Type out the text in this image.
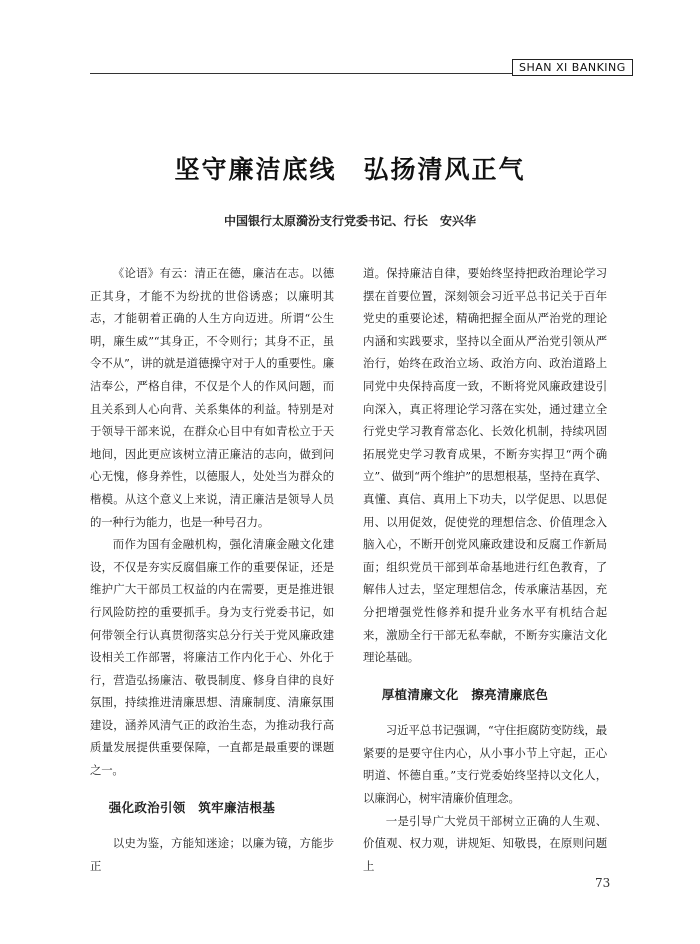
SHAN XI BANKING
坚守廉洁底线　弘扬清风正气
中国银行太原漪汾支行党委书记、行长　安兴华

《论语》有云：清正在德，廉洁在志。以德正其身，才能不为纷扰的世俗诱惑；以廉明其志，才能朝着正确的人生方向迈进。所谓“公生明，廉生威”“其身正，不令则行；其身不正，虽令不从”，讲的就是道德操守对于人的重要性。廉洁奉公，严格自律，不仅是个人的作风问题，而且关系到人心向背、关系集体的利益。特别是对于领导干部来说，在群众心目中有如青松立于天地间，因此更应该树立清正廉洁的志向，做到问心无愧，修身养性，以德服人，处处当为群众的楷模。从这个意义上来说，清正廉洁是领导人员的一种行为能力，也是一种号召力。

而作为国有金融机构，强化清廉金融文化建设，不仅是夯实反腐倡廉工作的重要保证，还是维护广大干部员工权益的内在需要，更是推进银行风险防控的重要抓手。身为支行党委书记，如何带领全行认真贯彻落实总分行关于党风廉政建设相关工作部署，将廉洁工作内化于心、外化于行，营造弘扬廉洁、敬畏制度、修身自律的良好氛围，持续推进清廉思想、清廉制度、清廉氛围建设，涵养风清气正的政治生态，为推动我行高质量发展提供重要保障，一直都是最重要的课题之一。

强化政治引领　筑牢廉洁根基

以史为鉴，方能知迷途；以廉为镜，方能步正

道。保持廉洁自律，要始终坚持把政治理论学习摆在首要位置，深刻领会习近平总书记关于百年党史的重要论述，精确把握全面从严治党的理论内涵和实践要求，坚持以全面从严治党引领从严治行，始终在政治立场、政治方向、政治道路上同党中央保持高度一致，不断将党风廉政建设引向深入，真正将理论学习落在实处，通过建立全行党史学习教育常态化、长效化机制，持续巩固拓展党史学习教育成果，不断夯实捍卫“两个确立”、做到“两个维护”的思想根基，坚持在真学、真懂、真信、真用上下功夫，以学促思、以思促用、以用促效，促使党的理想信念、价值理念入脑入心，不断开创党风廉政建设和反腐工作新局面；组织党员干部到革命基地进行红色教育，了解伟人过去，坚定理想信念，传承廉洁基因，充分把增强党性修养和提升业务水平有机结合起来，激励全行干部无私奉献，不断夯实廉洁文化理论基础。

厚植清廉文化　擦亮清廉底色

习近平总书记强调，“守住拒腐防变防线，最紧要的是要守住内心，从小事小节上守起，正心明道、怀德自重。”支行党委始终坚持以文化人，以廉润心，树牢清廉价值理念。

一是引导广大党员干部树立正确的人生观、价值观、权力观，讲规矩、知敬畏，在原则问题上

73
